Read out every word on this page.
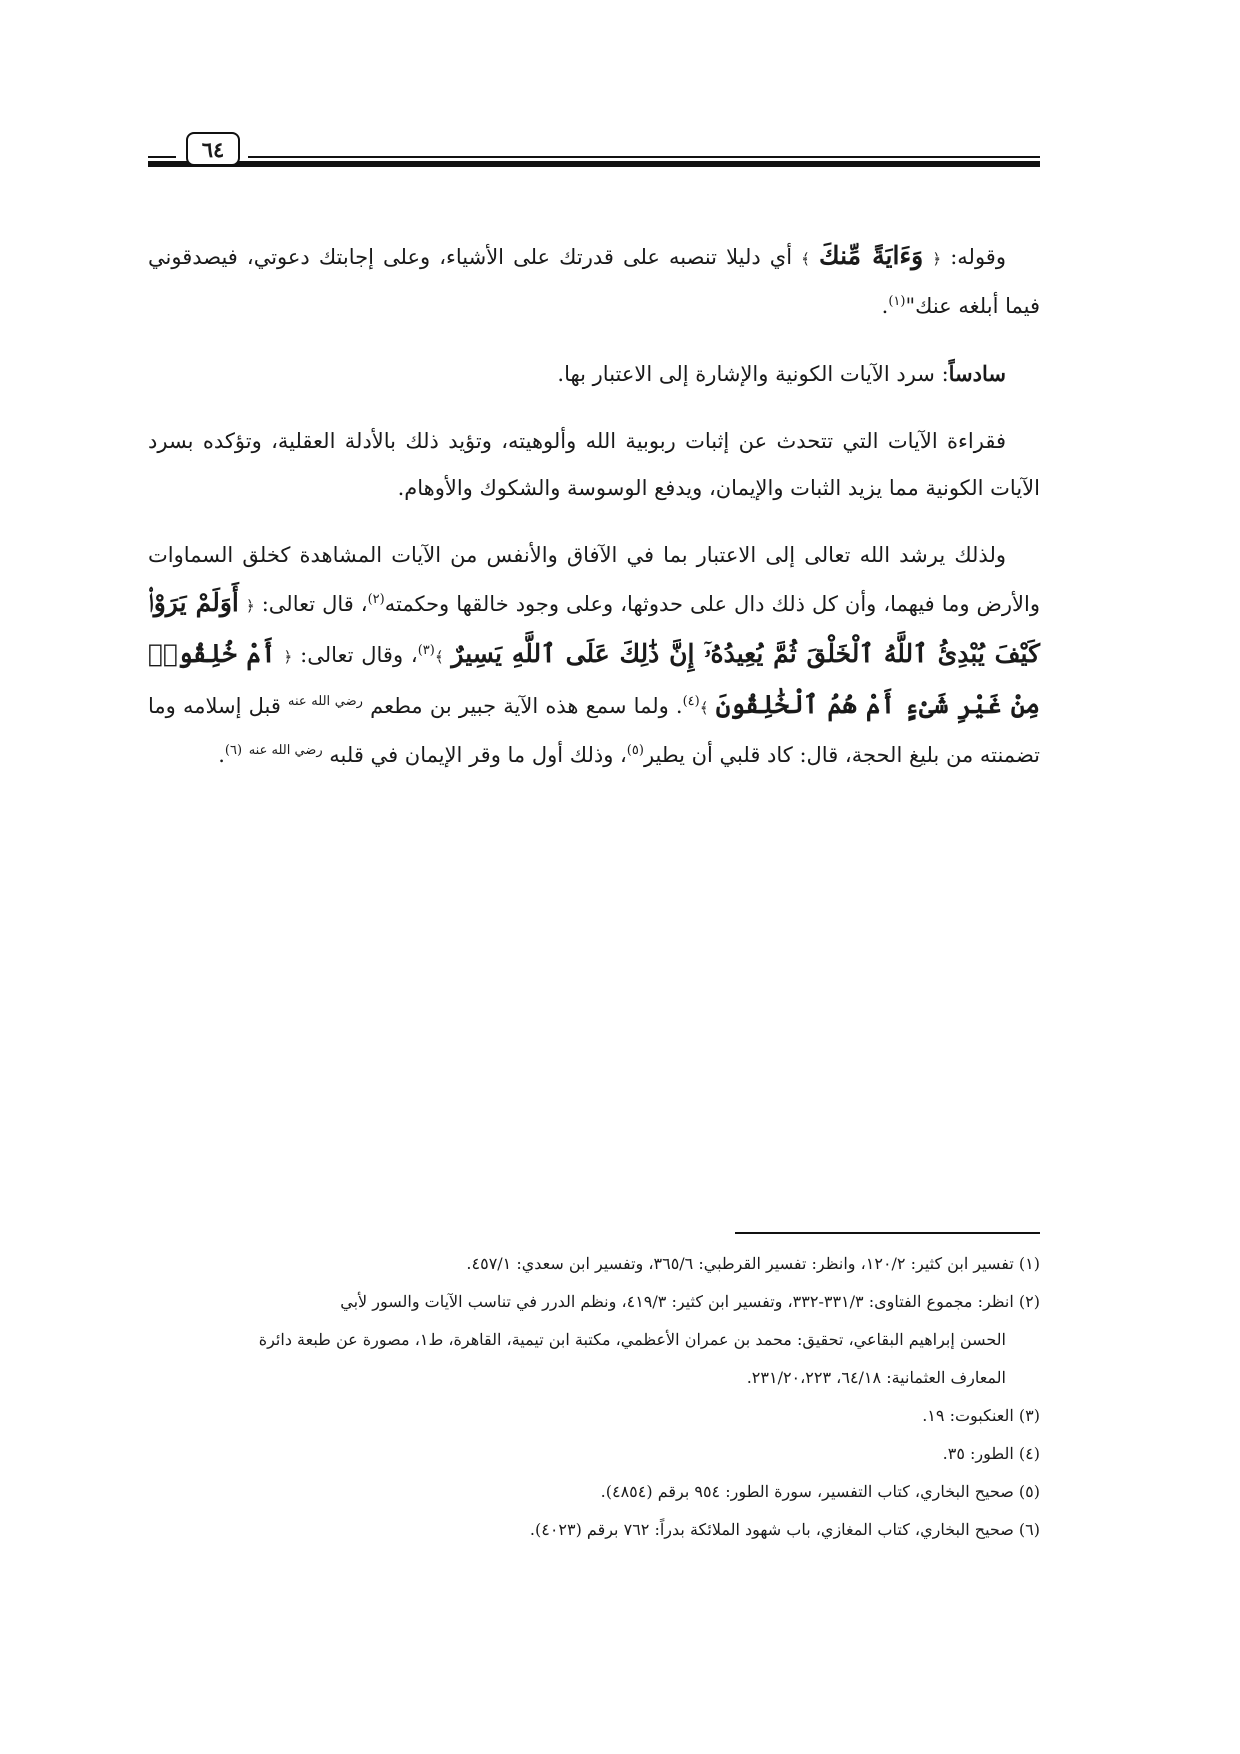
٦٤

وقوله: ﴿ وَءَايَةً مِّنكَ ﴾ أي دليلا تنصبه على قدرتك على الأشياء، وعلى إجابتك دعوتي، فيصدقوني فيما أبلغه عنك"$^{(١)}$.

سادساً: سرد الآيات الكونية والإشارة إلى الاعتبار بها.

فقراءة الآيات التي تتحدث عن إثبات ربوبية الله وألوهيته، وتؤيد ذلك بالأدلة العقلية، وتؤكده بسرد الآيات الكونية مما يزيد الثبات والإيمان، ويدفع الوسوسة والشكوك والأوهام.

ولذلك يرشد الله تعالى إلى الاعتبار بما في الآفاق والأنفس من الآيات المشاهدة كخلق السماوات والأرض وما فيهما، وأن كل ذلك دال على حدوثها، وعلى وجود خالقها وحكمته$^{(٢)}$، قال تعالى: ﴿ أَوَلَمْ يَرَوْا۟ كَيْفَ يُبْدِئُ ٱللَّهُ ٱلْخَلْقَ ثُمَّ يُعِيدُهُۥٓ إِنَّ ذَٰلِكَ عَلَى ٱللَّهِ يَسِيرٌ ﴾$^{(٣)}$، وقال تعالى: ﴿ أَمْ خُلِقُوا۟ مِنْ غَيْرِ شَىْءٍ أَمْ هُمُ ٱلْخَٰلِقُونَ ﴾$^{(٤)}$. ولما سمع هذه الآية جبير بن مطعم $^{رضي الله عنه}$ قبل إسلامه وما تضمنته من بليغ الحجة، قال: كاد قلبي أن يطير$^{(٥)}$، وذلك أول ما وقر الإيمان في قلبه $^{رضي الله عنه}$ $^{(٦)}$.

(١) تفسير ابن كثير: ١٢٠/٢، وانظر: تفسير القرطبي: ٣٦٥/٦، وتفسير ابن سعدي: ٤٥٧/١.

(٢) انظر: مجموع الفتاوى: ٣٣١/٣-٣٣٢، وتفسير ابن كثير: ٤١٩/٣، ونظم الدرر في تناسب الآيات والسور لأبي

الحسن إبراهيم البقاعي، تحقيق: محمد بن عمران الأعظمي، مكتبة ابن تيمية، القاهرة، ط١، مصورة عن طبعة دائرة

المعارف العثمانية: ٦٤/١٨، ٢٣١/٢٠،٢٢٣.

(٣) العنكبوت: ١٩.

(٤) الطور: ٣٥.

(٥) صحيح البخاري، كتاب التفسير، سورة الطور: ٩٥٤ برقم (٤٨٥٤).

(٦) صحيح البخاري، كتاب المغازي، باب شهود الملائكة بدراً: ٧٦٢ برقم (٤٠٢٣).
